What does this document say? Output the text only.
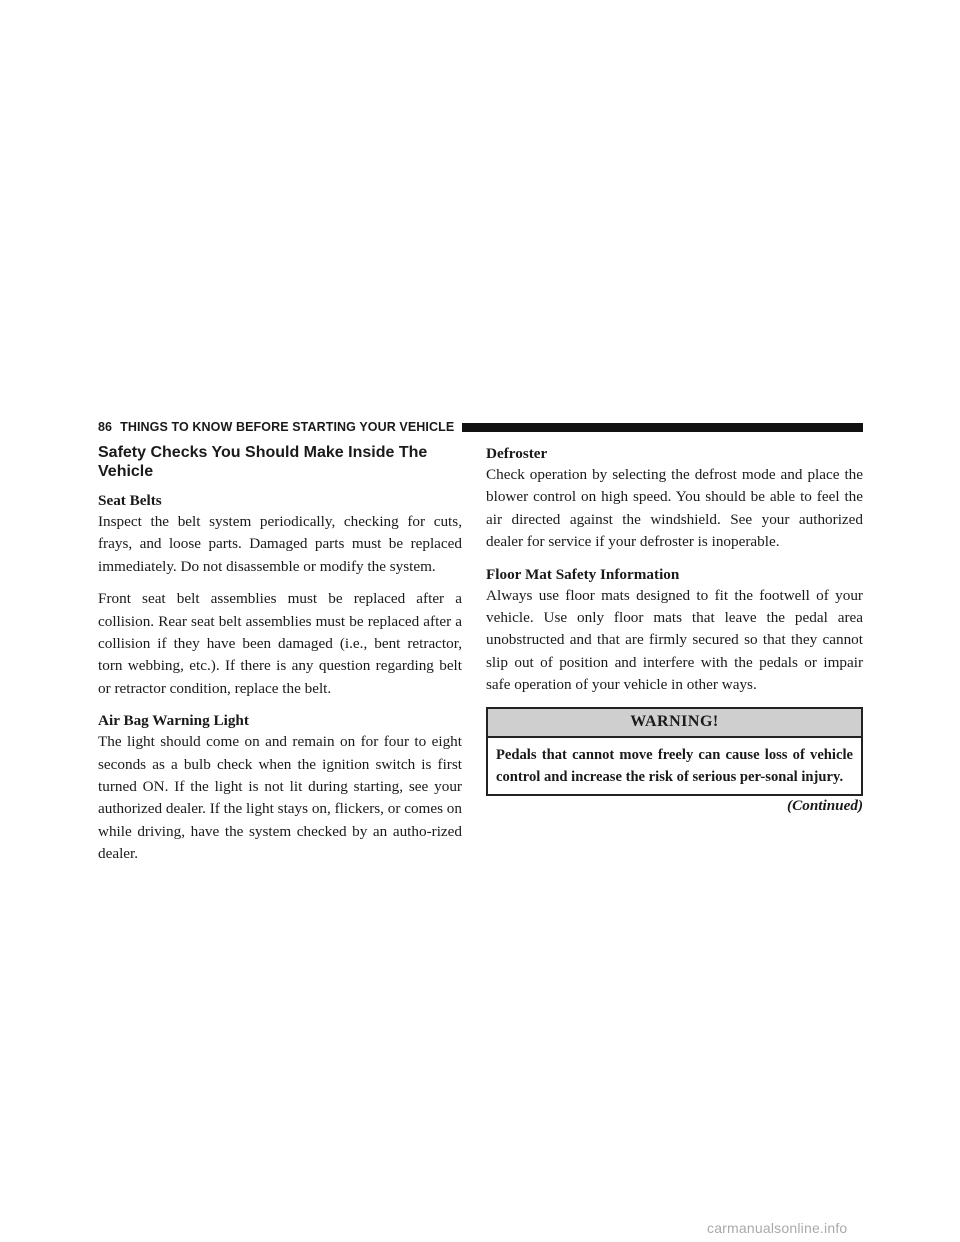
86 THINGS TO KNOW BEFORE STARTING YOUR VEHICLE
Safety Checks You Should Make Inside The Vehicle
Seat Belts

Inspect the belt system periodically, checking for cuts, frays, and loose parts. Damaged parts must be replaced immediately. Do not disassemble or modify the system.

Front seat belt assemblies must be replaced after a collision. Rear seat belt assemblies must be replaced after a collision if they have been damaged (i.e., bent retractor, torn webbing, etc.). If there is any question regarding belt or retractor condition, replace the belt.

Air Bag Warning Light

The light should come on and remain on for four to eight seconds as a bulb check when the ignition switch is first turned ON. If the light is not lit during starting, see your authorized dealer. If the light stays on, flickers, or comes on while driving, have the system checked by an autho-rized dealer.

Defroster

Check operation by selecting the defrost mode and place the blower control on high speed. You should be able to feel the air directed against the windshield. See your authorized dealer for service if your defroster is inoperable.

Floor Mat Safety Information

Always use floor mats designed to fit the footwell of your vehicle. Use only floor mats that leave the pedal area unobstructed and that are firmly secured so that they cannot slip out of position and interfere with the pedals or impair safe operation of your vehicle in other ways.

WARNING!
Pedals that cannot move freely can cause loss of vehicle control and increase the risk of serious per-sonal injury.
(Continued)
carmanualsonline.info
